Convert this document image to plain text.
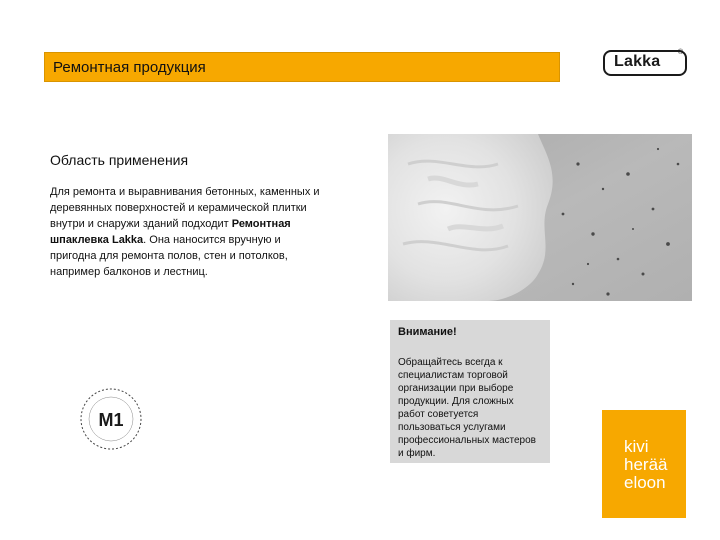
Ремонтная продукция	Lakka
®
Область применения
Для ремонта и выравнивания бетонных, каменных и деревянных поверхностей и керамической плитки внутри и снаружи зданий подходит Ремонтная шпаклевка Lakka. Она наносится вручную и пригодна для ремонта полов, стен и потолков, например балконов и лестниц.
Внимание!
Обращайтесь всегда к специалистам торговой организации при выборе продукции. Для сложных работ советуется пользоваться услугами профессиональных мастеров и фирм.
M1
kivi
herää
eloon
